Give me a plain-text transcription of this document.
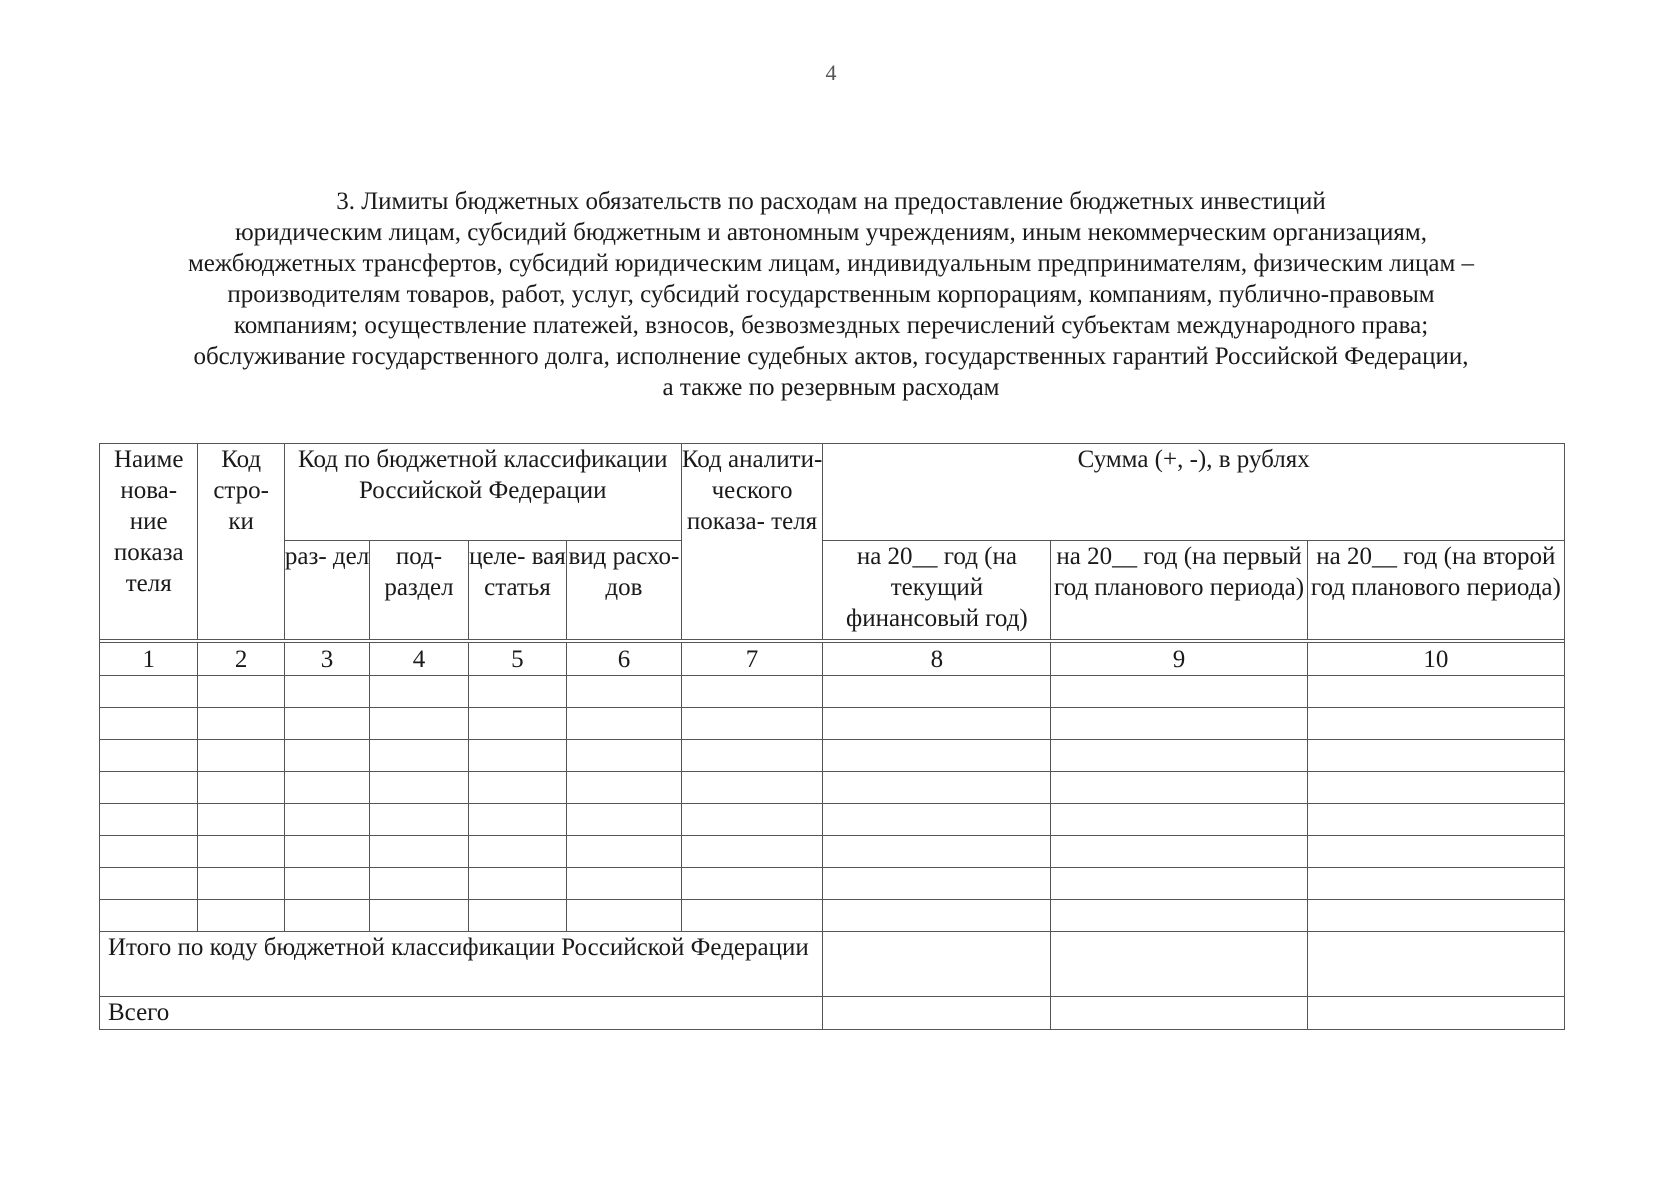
4
3. Лимиты бюджетных обязательств по расходам на предоставление бюджетных инвестиций
юридическим лицам, субсидий бюджетным и автономным учреждениям, иным некоммерческим организациям,
межбюджетных трансфертов, субсидий юридическим лицам, индивидуальным предпринимателям, физическим лицам –
производителям товаров, работ, услуг, субсидий государственным корпорациям, компаниям, публично-правовым
компаниям; осуществление платежей, взносов, безвозмездных перечислений субъектам международного права;
обслуживание государственного долга, исполнение судебных актов, государственных гарантий Российской Федерации,
а также по резервным расходам
Наиме нова- ние показа теля	Код стро- ки	Код по бюджетной классификации Российской Федерации				Код аналити- ческого показа- теля	Сумма (+, -), в рублях		
		раз- дел	под- раздел	целе- вая статья	вид расхо- дов		на 20__ год (на текущий финансовый год)	на 20__ год (на первый год планового периода)	на 20__ год (на второй год планового периода)

1	2	3	4	5	6	7	8	9	10

Итого по коду бюджетной классификации Российской Федерации									
Всего									
